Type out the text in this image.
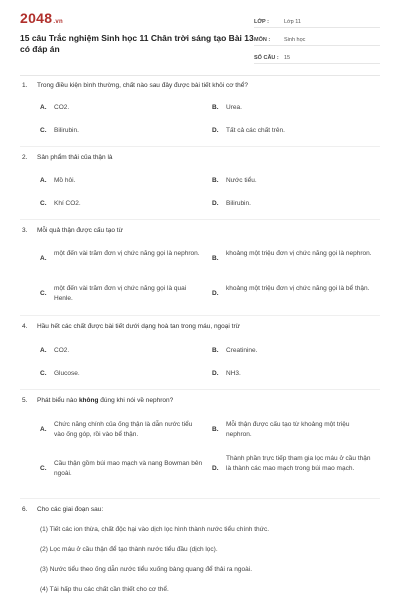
2048.vn
15 câu Trắc nghiệm Sinh học 11 Chân trời sáng tạo Bài 13 có đáp án
LỚP :	Lớp 11
MÔN :	Sinh học
SỐ CÂU : 15
1. Trong điều kiện bình thường, chất nào sau đây được bài tiết khỏi cơ thể?
A. CO2.	B. Urea.
C. Bilirubin.	D. Tất cả các chất trên.
2. Sản phẩm thải của thận là
A. Mồ hôi.	B. Nước tiểu.
C. Khí CO2.	D. Bilirubin.
3. Mỗi quả thận được cấu tạo từ
A.
một đến vài trăm đơn vị chức năng gọi là nephron.
B.
khoảng một triệu đơn vị chức năng gọi là nephron.
C.
một đến vài trăm đơn vị chức năng gọi là quai Henle.
D.
khoảng một triệu đơn vị chức năng gọi là bể thận.
4. Hầu hết các chất được bài tiết dưới dạng hoà tan trong máu, ngoại trừ
A. CO2.	B. Creatinine.
C. Glucose.	D. NH3.
5. Phát biểu nào không đúng khi nói về nephron?
A.
Chức năng chính của ống thận là dẫn nước tiểu vào ống góp, rồi vào bể thận.
B.
Mỗi thận được cấu tạo từ khoảng một triệu nephron.
C.
Cầu thận gồm búi mao mạch và nang Bowman bên ngoài.
D.
Thành phần trực tiếp tham gia lọc máu ở cầu thận là thành các mao mạch trong búi mao mạch.
6. Cho các giai đoạn sau:
(1) Tiết các ion thừa, chất độc hại vào dịch lọc hình thành nước tiểu chính thức.
(2) Lọc máu ở cầu thận để tạo thành nước tiểu đầu (dịch lọc).
(3) Nước tiểu theo ống dẫn nước tiểu xuống bàng quang để thải ra ngoài.
(4) Tái hấp thu các chất cần thiết cho cơ thể.
